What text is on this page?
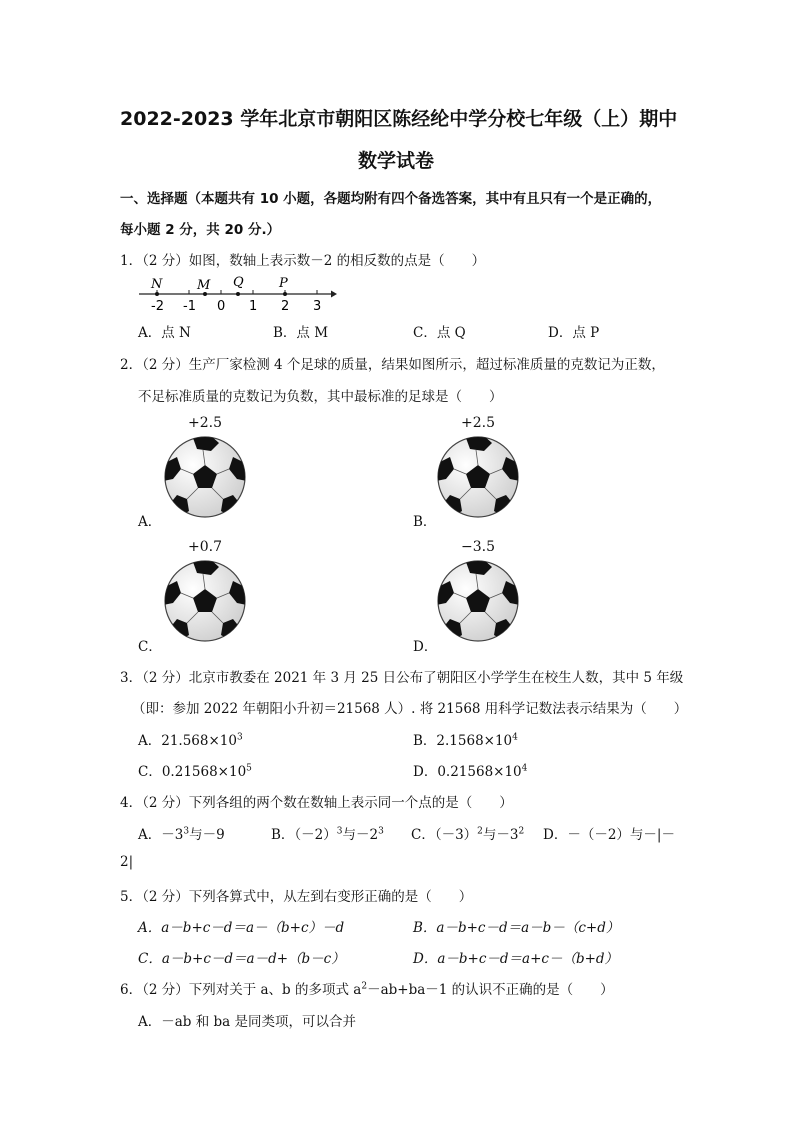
2022-2023 学年北京市朝阳区陈经纶中学分校七年级（上）期中
数学试卷
一、选择题（本题共有 10 小题，各题均附有四个备选答案，其中有且只有一个是正确的，
每小题 2 分，共 20 分.）
1．（2 分）如图，数轴上表示数－2 的相反数的点是（　　）
N	M Q	P
-2 -1 0 1 2 3
A．点 N	B．点 M	C．点 Q	D．点 P
2．（2 分）生产厂家检测 4 个足球的质量，结果如图所示，超过标准质量的克数记为正数，
不足标准质量的克数记为负数，其中最标准的足球是（　　）
+2.5
A．
+2.5
B．
+0.7
C．
−3.5
D．
3．（2 分）北京市教委在 2021 年 3 月 25 日公布了朝阳区小学学生在校生人数，其中 5 年级
（即：参加 2022 年朝阳小升初＝21568 人）. 将 21568 用科学记数法表示结果为（　　）
A．$21.568\times 10^3$	B．$2.1568\times 10^4$
C．$0.21568\times 10^5$	D．$0.21568\times 10^4$
4．（2 分）下列各组的两个数在数轴上表示同一个点的是（　　）
A．$-3^3$与－9	B．$(-2)^3$与$-2^3$ C．$(-3)^2$与$-3^2$ D．－（－2）与－|－
2|
5．（2 分）下列各算式中，从左到右变形正确的是（　　）
A．a－b+c－d＝a－（b+c）－d	B．a－b+c－d＝a－b－（c+d）
C．a－b+c－d＝a－d+（b－c）	D．a－b+c－d＝a+c－（b+d）
6．（2 分）下列对关于 a、b 的多项式 $a^2-ab+ba-1$ 的认识不正确的是（　　）
A．－ab 和 ba 是同类项，可以合并
